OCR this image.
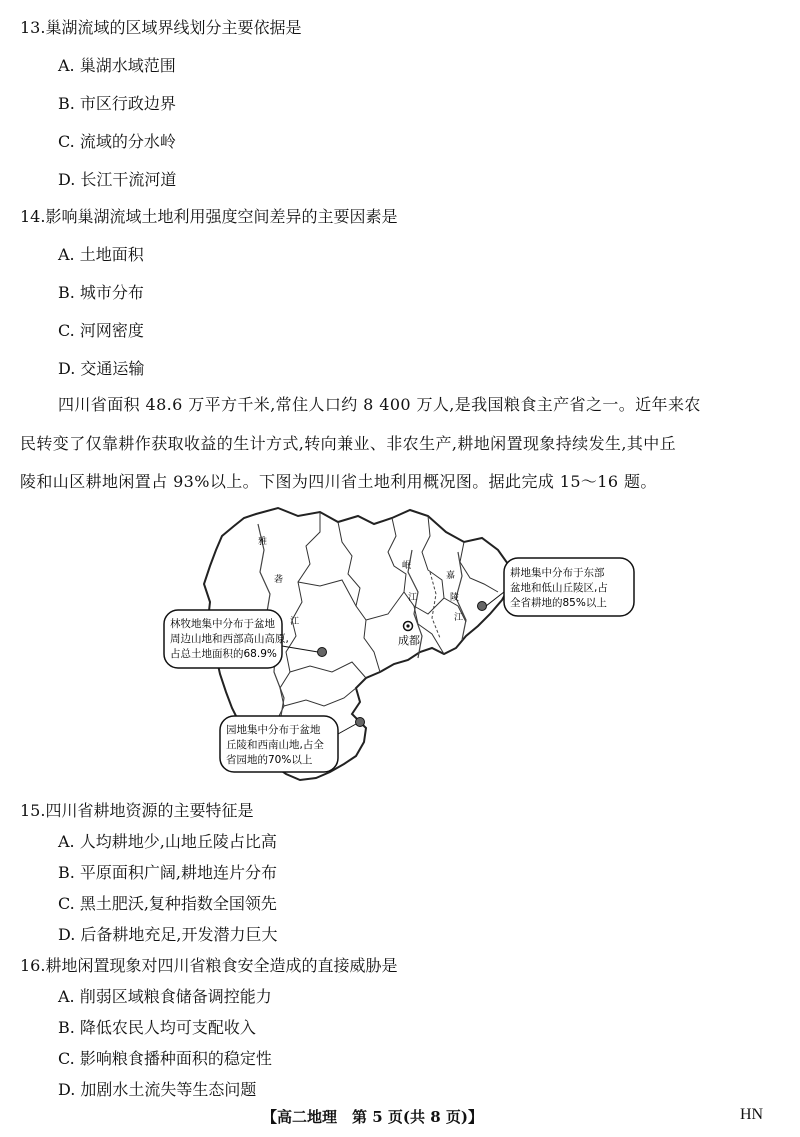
13.巢湖流域的区域界线划分主要依据是
A. 巢湖水域范围
B. 市区行政边界
C. 流域的分水岭
D. 长江干流河道
14.影响巢湖流域土地利用强度空间差异的主要因素是
A. 土地面积
B. 城市分布
C. 河网密度
D. 交通运输
四川省面积 48.6 万平方千米,常住人口约 8 400 万人,是我国粮食主产省之一。近年来农
民转变了仅靠耕作获取收益的生计方式,转向兼业、非农生产,耕地闲置现象持续发生,其中丘
陵和山区耕地闲置占 93%以上。下图为四川省土地利用概况图。据此完成 15～16 题。
雅
砻
江
岷
江
嘉
陵
江
成都
林牧地集中分布于盆地
周边山地和西部高山高原,
占总土地面积的68.9%
耕地集中分布于东部
盆地和低山丘陵区,占
全省耕地的85%以上
园地集中分布于盆地
丘陵和西南山地,占全
省园地的70%以上
15.四川省耕地资源的主要特征是
A. 人均耕地少,山地丘陵占比高
B. 平原面积广阔,耕地连片分布
C. 黑土肥沃,复种指数全国领先
D. 后备耕地充足,开发潜力巨大
16.耕地闲置现象对四川省粮食安全造成的直接威胁是
A. 削弱区域粮食储备调控能力
B. 降低农民人均可支配收入
C. 影响粮食播种面积的稳定性
D. 加剧水土流失等生态问题
【高二地理　第 5 页(共 8 页)】	HN
